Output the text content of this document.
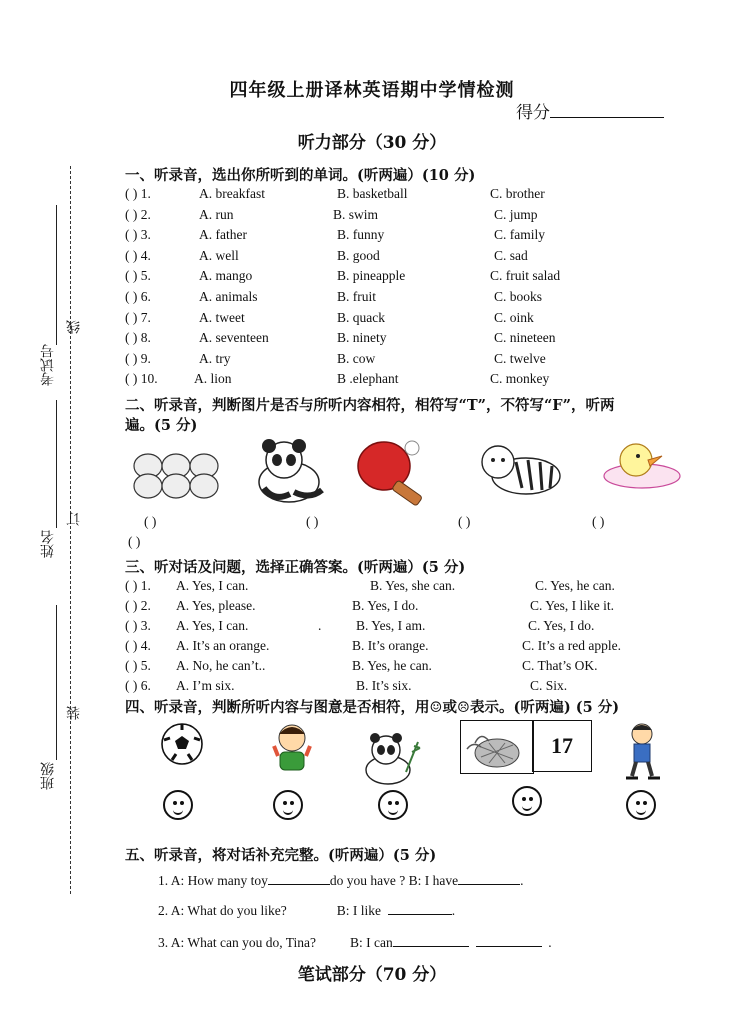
四年级上册译林英语期中学情检测
得分
听力部分（30 分）
考试号
线
姓名
订
班级
装
一、听录音，选出你所听到的单词。(听两遍）(10 分)
( ) 1.	A. breakfast	B. basketball	C. brother
( ) 2.	A. run	B. swim	C. jump
( ) 3.	A. father	B. funny	C. family
( ) 4.	A. well	B. good	C. sad
( ) 5.	A. mango	B. pineapple	C. fruit salad
( ) 6.	A. animals	B. fruit	C. books
( ) 7.	A. tweet	B. quack	C. oink
( ) 8.	A. seventeen	B. ninety	C. nineteen
( ) 9.	A. try	B. cow	C. twelve
( ) 10.	A. lion	B .elephant	C. monkey
二、听录音，判断图片是否与所听内容相符，相符写“T”，不符写“F”，听两
遍。(5 分)
( )	( )	( )	( )
( )
三、听对话及问题，选择正确答案。(听两遍）(5 分)
( ) 1. A. Yes, I can.	B. Yes, she can.	C. Yes, he can.
( ) 2. A. Yes, please.	B. Yes, I do.	C. Yes, I like it.
( ) 3. A. Yes, I can.	B. Yes, I am.	C. Yes, I do.
.
( ) 4. A. It’s an orange.	B. It’s orange.	C. It’s a red apple.
( ) 5. A. No, he can’t..	B. Yes, he can.	C. That’s OK.
( ) 6. A. I’m six.	B. It’s six.	C. Six.
四、听录音，判断所听内容与图意是否相符，用☺或☹表示。(听两遍) (5 分)
17
五、听录音，将对话补充完整。(听两遍）(5 分)
1. A: How many toy	do you have ? B: I have	.
2. A: What do you like?	B: I like	.
3. A: What can you do, Tina?	B: I can	.
笔试部分（70 分）
